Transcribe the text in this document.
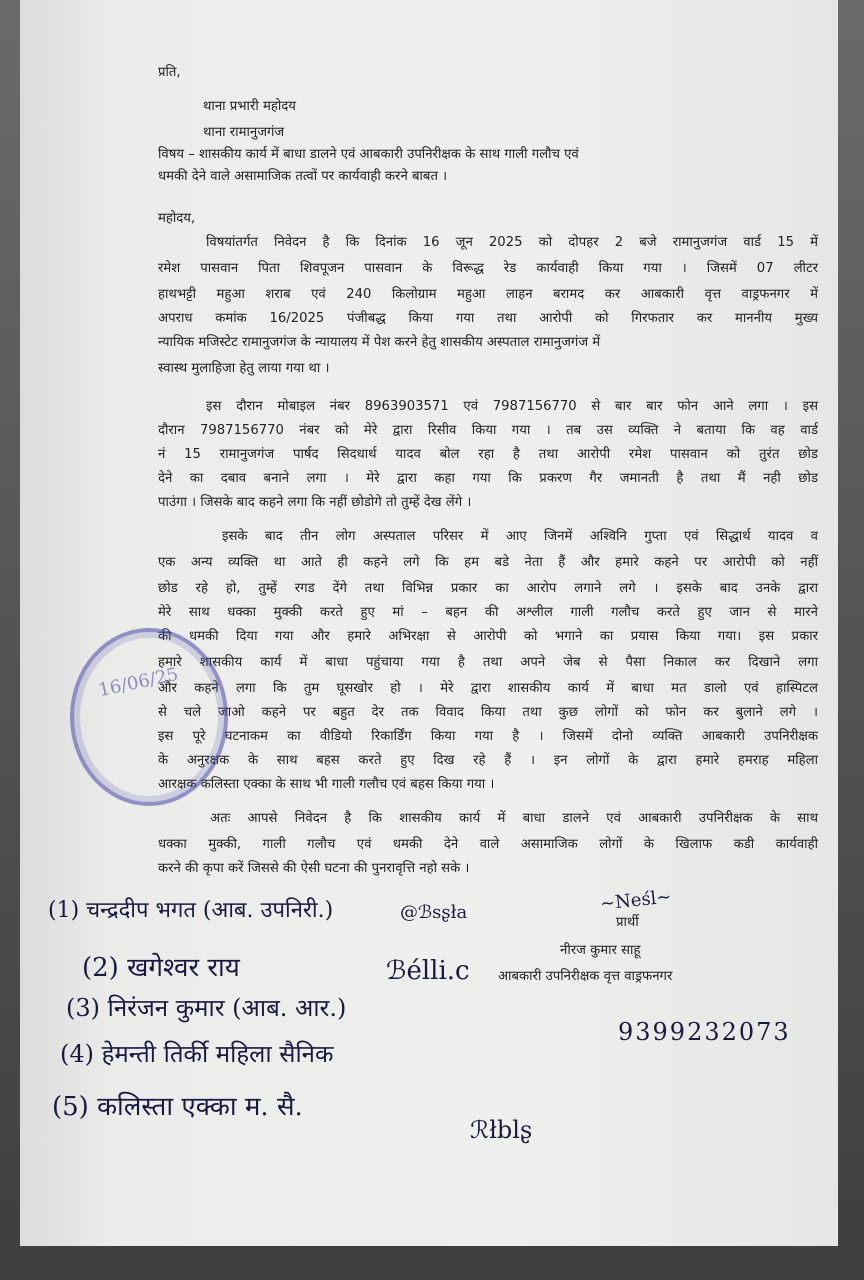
प्रति,
थाना प्रभारी महोदय
थाना रामानुजगंज
विषय – शासकीय कार्य में बाधा डालने एवं आबकारी उपनिरीक्षक के साथ गाली गलौच एवं
धमकी देने वाले असामाजिक तत्वों पर कार्यवाही करने बाबत ।
महोदय,
विषयांतर्गत निवेदन है कि दिनांक 16 जून 2025 को दोपहर 2 बजे रामानुजगंज वार्ड 15 में
रमेश पासवान पिता शिवपूजन पासवान के विरूद्ध रेड कार्यवाही किया गया । जिसमें 07 लीटर
हाथभट्टी महुआ शराब एवं 240 किलोग्राम महुआ लाहन बरामद कर आबकारी वृत्त वाड्रफनगर में
अपराध कमांक 16/2025 पंजीबद्ध किया गया तथा आरोपी को गिरफतार कर माननीय मुख्य
न्यायिक मजिस्टेट रामानुजगंज के न्यायालय में पेश करने हेतु शासकीय अस्पताल रामानुजगंज में
स्वास्थ मुलाहिजा हेतु लाया गया था ।
इस दौरान मोबाइल नंबर 8963903571 एवं 7987156770 से बार बार फोन आने लगा । इस
दौरान 7987156770 नंबर को मेरे द्वारा रिसीव किया गया । तब उस व्यक्ति ने बताया कि वह वार्ड
नं 15 रामानुजगंज पार्षद सिदधार्थ यादव बोल रहा है तथा आरोपी रमेश पासवान को तुरंत छोड
देने का दबाव बनाने लगा । मेरे द्वारा कहा गया कि प्रकरण गैर जमानती है तथा मैं नही छोड
पाउंगा । जिसके बाद कहने लगा कि नहीं छोडोगे तो तुम्हें देख लेंगे ।
इसके बाद तीन लोग अस्पताल परिसर में आए जिनमें अश्विनि गुप्ता एवं सिद्धार्थ यादव व
एक अन्य व्यक्ति था आते ही कहने लगे कि हम बडे नेता हैं और हमारे कहने पर आरोपी को नहीं
छोड रहे हो, तुम्हें रगड देंगे तथा विभिन्न प्रकार का आरोप लगाने लगे । इसके बाद उनके द्वारा
मेरे साथ धक्का मुक्की करते हुए मां – बहन की अश्लील गाली गलौच करते हुए जान से मारने
की धमकी दिया गया और हमारे अभिरक्षा से आरोपी को भगाने का प्रयास किया गया। इस प्रकार
हमारे शासकीय कार्य में बाधा पहुंचाया गया है तथा अपने जेब से पैसा निकाल कर दिखाने लगा
और कहने लगा कि तुम घूसखोर हो । मेरे द्वारा शासकीय कार्य में बाधा मत डालो एवं हास्पिटल
से चले जाओ कहने पर बहुत देर तक विवाद किया तथा कुछ लोगों को फोन कर बुलाने लगे ।
इस पूरे घटनाकम का वीडियो रिकार्डिंग किया गया है । जिसमें दोनो व्यक्ति आबकारी उपनिरीक्षक
के अनुरक्षक के साथ बहस करते हुए दिख रहे हैं । इन लोगों के द्वारा हमारे हमराह महिला
आरक्षक कलिस्ता एक्का के साथ भी गाली गलौच एवं बहस किया गया ।
अतः आपसे निवेदन है कि शासकीय कार्य में बाधा डालने एवं आबकारी उपनिरीक्षक के साथ
धक्का मुक्की, गाली गलौच एवं धमकी देने वाले असामाजिक लोगों के खिलाफ कडी कार्यवाही
करने की कृपा करें जिससे की ऐसी घटना की पुनरावृत्ति नहो सके ।
~Neśl~
प्रार्थी
नीरज कुमार साहू
आबकारी उपनिरीक्षक वृत्त वाड्रफनगर
(1) चन्द्रदीप भगत (आब. उपनिरी.)	@ℬsʂła
(2) खगेश्वर राय	ℬélli.c
(3) निरंजन कुमार (आब. आर.)
(4) हेमन्ती तिर्की महिला सैनिक
(5) कलिस्ता एक्का म. सै.
ℛłblʂ
9399232073
16/06/25
